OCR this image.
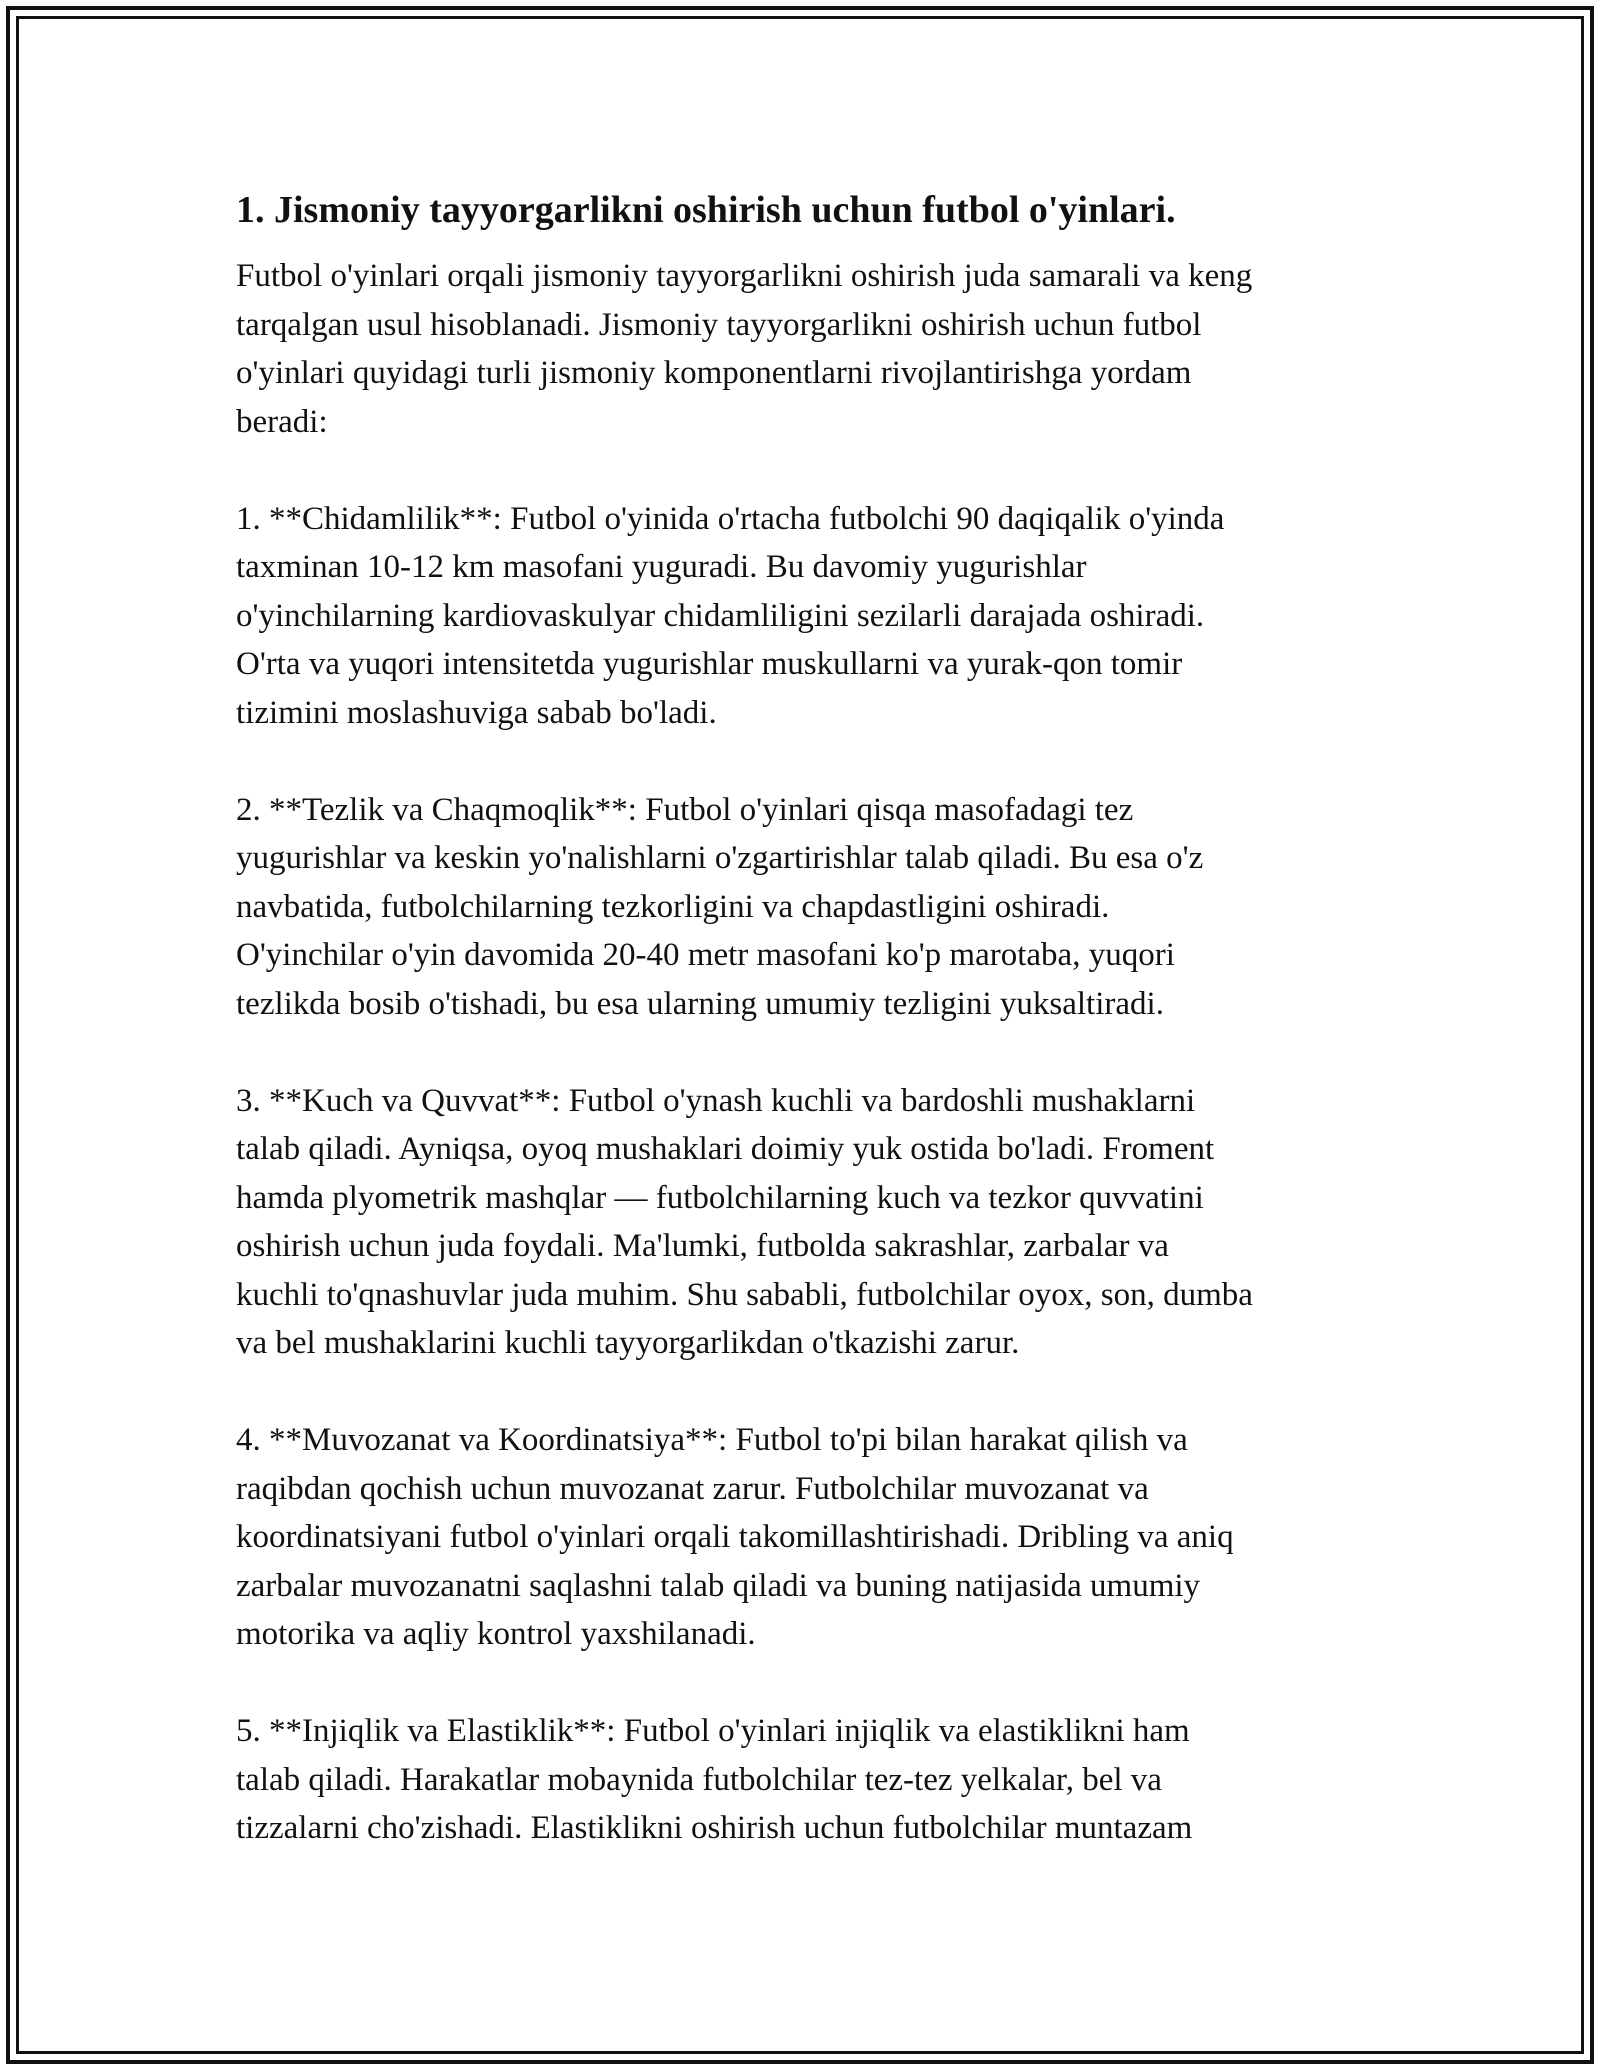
1. Jismoniy tayyorgarlikni oshirish uchun futbol o'yinlari.
Futbol o'yinlari orqali jismoniy tayyorgarlikni oshirish juda samarali va keng
tarqalgan usul hisoblanadi. Jismoniy tayyorgarlikni oshirish uchun futbol
o'yinlari quyidagi turli jismoniy komponentlarni rivojlantirishga yordam
beradi:
1. **Chidamlilik**: Futbol o'yinida o'rtacha futbolchi 90 daqiqalik o'yinda
taxminan 10-12 km masofani yuguradi. Bu davomiy yugurishlar
o'yinchilarning kardiovaskulyar chidamliligini sezilarli darajada oshiradi.
O'rta va yuqori intensitetda yugurishlar muskullarni va yurak-qon tomir
tizimini moslashuviga sabab bo'ladi.
2. **Tezlik va Chaqmoqlik**: Futbol o'yinlari qisqa masofadagi tez
yugurishlar va keskin yo'nalishlarni o'zgartirishlar talab qiladi. Bu esa o'z
navbatida, futbolchilarning tezkorligini va chapdastligini oshiradi.
O'yinchilar o'yin davomida 20-40 metr masofani ko'p marotaba, yuqori
tezlikda bosib o'tishadi, bu esa ularning umumiy tezligini yuksaltiradi.
3. **Kuch va Quvvat**: Futbol o'ynash kuchli va bardoshli mushaklarni
talab qiladi. Ayniqsa, oyoq mushaklari doimiy yuk ostida bo'ladi. Froment
hamda plyometrik mashqlar — futbolchilarning kuch va tezkor quvvatini
oshirish uchun juda foydali. Ma'lumki, futbolda sakrashlar, zarbalar va
kuchli to'qnashuvlar juda muhim. Shu sababli, futbolchilar oyox, son, dumba
va bel mushaklarini kuchli tayyorgarlikdan o'tkazishi zarur.
4. **Muvozanat va Koordinatsiya**: Futbol to'pi bilan harakat qilish va
raqibdan qochish uchun muvozanat zarur. Futbolchilar muvozanat va
koordinatsiyani futbol o'yinlari orqali takomillashtirishadi. Dribling va aniq
zarbalar muvozanatni saqlashni talab qiladi va buning natijasida umumiy
motorika va aqliy kontrol yaxshilanadi.
5. **Injiqlik va Elastiklik**: Futbol o'yinlari injiqlik va elastiklikni ham
talab qiladi. Harakatlar mobaynida futbolchilar tez-tez yelkalar, bel va
tizzalarni cho'zishadi. Elastiklikni oshirish uchun futbolchilar muntazam
